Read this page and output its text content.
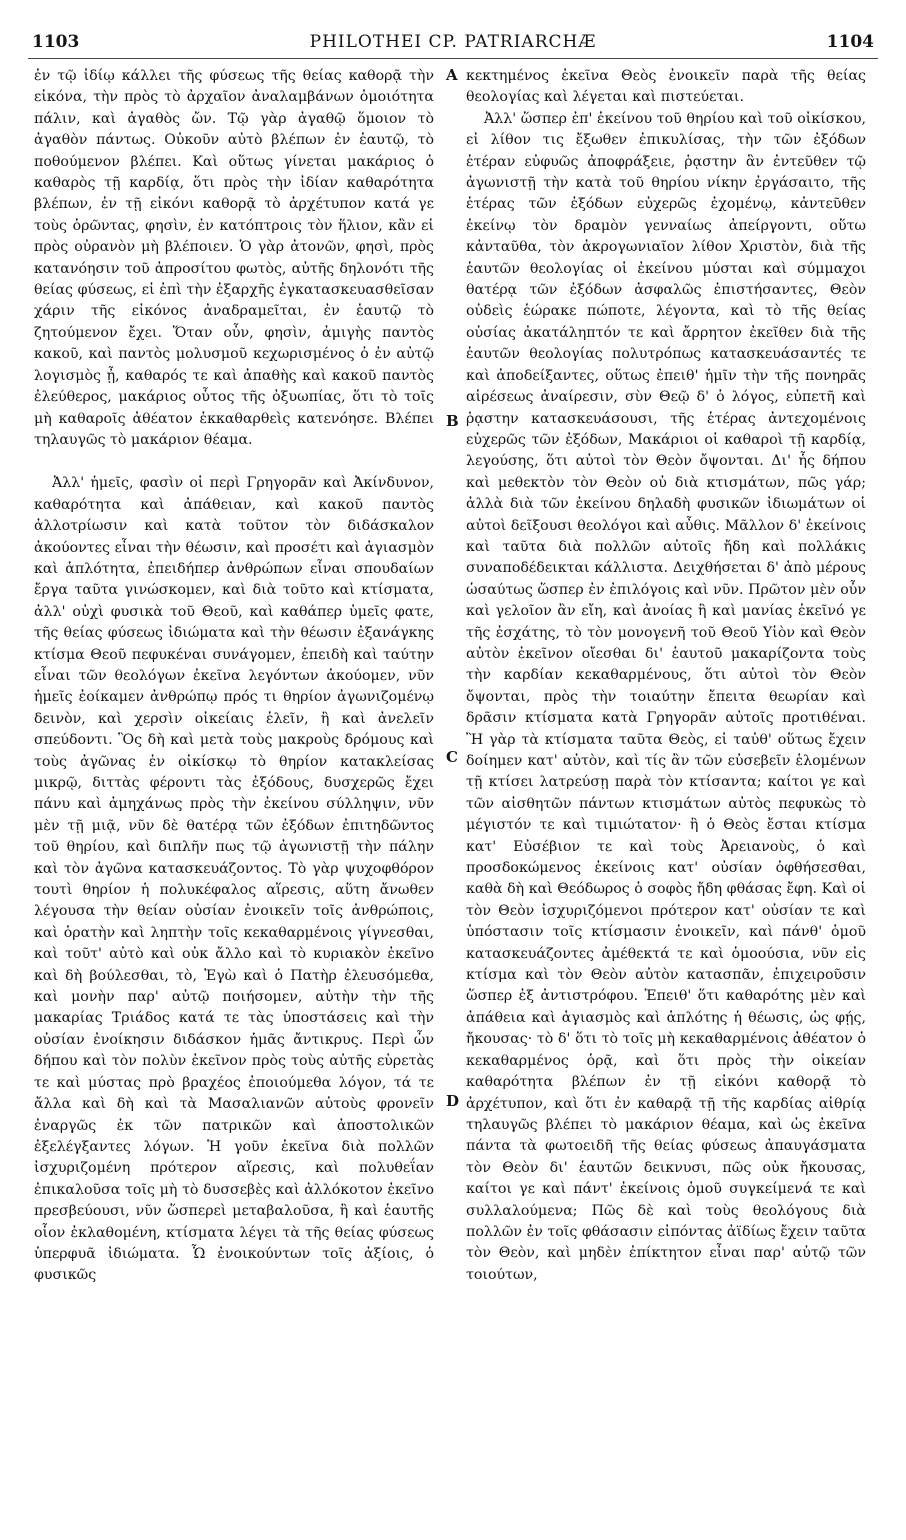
1103	PHILOTHEI CP. PATRIARCHÆ	1104

ἐν τῷ ἰδίῳ κάλλει τῆς φύσεως τῆς θείας καθορᾷ τὴν εἰκόνα, τὴν πρὸς τὸ ἀρχαῖον ἀναλαμβάνων ὁμοιότητα πάλιν, καὶ ἀγαθὸς ὤν. Τῷ γὰρ ἀγαθῷ ὅμοιον τὸ ἀγαθὸν πάντως. Οὐκοῦν αὐτὸ βλέπων ἐν ἑαυτῷ, τὸ ποθούμενον βλέπει. Καὶ οὕτως γίνεται μακάριος ὁ καθαρὸς τῇ καρδίᾳ, ὅτι πρὸς τὴν ἰδίαν καθαρότητα βλέπων, ἐν τῇ εἰκόνι καθορᾷ τὸ ἀρχέτυπον κατά γε τοὺς ὁρῶντας, φησὶν, ἐν κατόπτροις τὸν ἥλιον, κἂν εἰ πρὸς οὐρανὸν μὴ βλέποιεν. Ὁ γὰρ ἀτονῶν, φησὶ, πρὸς κατανόησιν τοῦ ἀπροσίτου φωτὸς, αὐτῆς δηλονότι τῆς θείας φύσεως, εἰ ἐπὶ τὴν ἐξαρχῆς ἐγκατασκευασθεῖσαν χάριν τῆς εἰκόνος ἀναδραμεῖται, ἐν ἑαυτῷ τὸ ζητούμενον ἔχει. Ὅταν οὖν, φησὶν, ἀμιγὴς παντὸς κακοῦ, καὶ παντὸς μολυσμοῦ κεχωρισμένος ὁ ἐν αὐτῷ λογισμὸς ᾖ, καθαρός τε καὶ ἀπαθὴς καὶ κακοῦ παντὸς ἐλεύθερος, μακάριος οὗτος τῆς ὀξυωπίας, ὅτι τὸ τοῖς μὴ καθαροῖς ἀθέατον ἐκκαθαρθεὶς κατενόησε. Βλέπει τηλαυγῶς τὸ μακάριον θέαμα.

Ἀλλ' ἡμεῖς, φασὶν οἱ περὶ Γρηγορᾶν καὶ Ἀκίνδυνον, καθαρότητα καὶ ἀπάθειαν, καὶ κακοῦ παντὸς ἀλλοτρίωσιν καὶ κατὰ τοῦτον τὸν διδάσκαλον ἀκούοντες εἶναι τὴν θέωσιν, καὶ προσέτι καὶ ἁγιασμὸν καὶ ἁπλότητα, ἐπειδήπερ ἀνθρώπων εἶναι σπουδαίων ἔργα ταῦτα γινώσκομεν, καὶ διὰ τοῦτο καὶ κτίσματα, ἀλλ' οὐχὶ φυσικὰ τοῦ Θεοῦ, καὶ καθάπερ ὑμεῖς φατε, τῆς θείας φύσεως ἰδιώματα καὶ τὴν θέωσιν ἐξανάγκης κτίσμα Θεοῦ πεφυκέναι συνάγομεν, ἐπειδὴ καὶ ταύτην εἶναι τῶν θεολόγων ἐκεῖνα λεγόντων ἀκούομεν, νῦν ἡμεῖς ἐοίκαμεν ἀνθρώπῳ πρός τι θηρίον ἀγωνιζομένῳ δεινὸν, καὶ χερσὶν οἰκείαις ἑλεῖν, ἢ καὶ ἀνελεῖν σπεύδοντι. Ὃς δὴ καὶ μετὰ τοὺς μακροὺς δρόμους καὶ τοὺς ἀγῶνας ἐν οἰκίσκῳ τὸ θηρίον κατακλείσας μικρῷ, διττὰς φέροντι τὰς ἐξόδους, δυσχερῶς ἔχει πάνυ καὶ ἀμηχάνως πρὸς τὴν ἐκείνου σύλληψιν, νῦν μὲν τῇ μιᾷ, νῦν δὲ θατέρᾳ τῶν ἐξόδων ἐπιτηδῶντος τοῦ θηρίου, καὶ διπλῆν πως τῷ ἀγωνιστῇ τὴν πάλην καὶ τὸν ἀγῶνα κατασκευάζοντος. Τὸ γὰρ ψυχοφθόρον τουτὶ θηρίον ἡ πολυκέφαλος αἵρεσις, αὕτη ἄνωθεν λέγουσα τὴν θείαν οὐσίαν ἐνοικεῖν τοῖς ἀνθρώποις, καὶ ὁρατὴν καὶ ληπτὴν τοῖς κεκαθαρμένοις γίγνεσθαι, καὶ τοῦτ' αὐτὸ καὶ οὐκ ἄλλο καὶ τὸ κυριακὸν ἐκεῖνο καὶ δὴ βούλεσθαι, τὸ, Ἐγὼ καὶ ὁ Πατὴρ ἐλευσόμεθα, καὶ μονὴν παρ' αὐτῷ ποιήσομεν, αὐτὴν τὴν τῆς μακαρίας Τριάδος κατά τε τὰς ὑποστάσεις καὶ τὴν οὐσίαν ἐνοίκησιν διδάσκον ἡμᾶς ἄντικρυς. Περὶ ὧν δήπου καὶ τὸν πολὺν ἐκεῖνον πρὸς τοὺς αὐτῆς εὑρετὰς τε καὶ μύστας πρὸ βραχέος ἐποιούμεθα λόγον, τά τε ἄλλα καὶ δὴ καὶ τὰ Μασαλιανῶν αὐτοὺς φρονεῖν ἐναργῶς ἐκ τῶν πατρικῶν καὶ ἀποστολικῶν ἐξελέγξαντες λόγων. Ἡ γοῦν ἐκεῖνα διὰ πολλῶν ἰσχυριζομένη πρότερον αἵρεσις, καὶ πολυθεΐαν ἐπικαλοῦσα τοῖς μὴ τὸ δυσσεβὲς καὶ ἀλλόκοτον ἐκεῖνο πρεσβεύουσι, νῦν ὥσπερεὶ μεταβαλοῦσα, ἢ καὶ ἑαυτῆς οἷον ἐκλαθομένη, κτίσματα λέγει τὰ τῆς θείας φύσεως ὑπερφυᾶ ἰδιώματα. Ὧ ἐνοικούντων τοῖς ἀξίοις, ὁ φυσικῶς

κεκτημένος ἐκεῖνα Θεὸς ἐνοικεῖν παρὰ τῆς θείας θεολογίας καὶ λέγεται καὶ πιστεύεται.

Ἀλλ' ὥσπερ ἐπ' ἐκείνου τοῦ θηρίου καὶ τοῦ οἰκίσκου, εἰ λίθον τις ἔξωθεν ἐπικυλίσας, τὴν τῶν ἐξόδων ἑτέραν εὐφυῶς ἀποφράξειε, ῥᾳστην ἂν ἐντεῦθεν τῷ ἀγωνιστῇ τὴν κατὰ τοῦ θηρίου νίκην ἐργάσαιτο, τῆς ἑτέρας τῶν ἐξόδων εὐχερῶς ἐχομένῳ, κἀντεῦθεν ἐκείνῳ τὸν δραμὸν γενναίως ἀπείργοντι, οὕτω κἀνταῦθα, τὸν ἀκρογωνιαῖον λίθον Χριστὸν, διὰ τῆς ἑαυτῶν θεολογίας οἱ ἐκείνου μύσται καὶ σύμμαχοι θατέρᾳ τῶν ἐξόδων ἀσφαλῶς ἐπιστήσαντες, Θεὸν οὐδεὶς ἑώρακε πώποτε, λέγοντα, καὶ τὸ τῆς θείας οὐσίας ἀκατάληπτόν τε καὶ ἄρρητον ἐκεῖθεν διὰ τῆς ἑαυτῶν θεολογίας πολυτρόπως κατασκευάσαντές τε καὶ ἀποδείξαντες, οὕτως ἐπειθ' ἡμῖν τὴν τῆς πονηρᾶς αἱρέσεως ἀναίρεσιν, σὺν Θεῷ δ' ὁ λόγος, εὐπετῆ καὶ ῥᾳστην κατασκευάσουσι, τῆς ἑτέρας ἀντεχομένοις εὐχερῶς τῶν ἐξόδων, Μακάριοι οἱ καθαροὶ τῇ καρδίᾳ, λεγούσης, ὅτι αὐτοὶ τὸν Θεὸν ὄψονται. Δι' ἧς δήπου καὶ μεθεκτὸν τὸν Θεὸν οὐ διὰ κτισμάτων, πῶς γάρ; ἀλλὰ διὰ τῶν ἐκείνου δηλαδὴ φυσικῶν ἰδιωμάτων οἱ αὐτοὶ δεῖξουσι θεολόγοι καὶ αὖθις. Μᾶλλον δ' ἐκείνοις καὶ ταῦτα διὰ πολλῶν αὐτοῖς ἤδη καὶ πολλάκις συναποδέδεικται κάλλιστα. Δειχθήσεται δ' ἀπὸ μέρους ὡσαύτως ὥσπερ ἐν ἐπιλόγοις καὶ νῦν. Πρῶτον μὲν οὖν καὶ γελοῖον ἂν εἴη, καὶ ἀνοίας ἢ καὶ μανίας ἐκεῖνό γε τῆς ἐσχάτης, τὸ τὸν μονογενῆ τοῦ Θεοῦ Υἱὸν καὶ Θεὸν αὐτὸν ἐκεῖνον οἴεσθαι δι' ἑαυτοῦ μακαρίζοντα τοὺς τὴν καρδίαν κεκαθαρμένους, ὅτι αὐτοὶ τὸν Θεὸν ὄψονται, πρὸς τὴν τοιαύτην ἔπειτα θεωρίαν καὶ δρᾶσιν κτίσματα κατὰ Γρηγορᾶν αὐτοῖς προτιθέναι. Ἢ γὰρ τὰ κτίσματα ταῦτα Θεὸς, εἰ ταὐθ' οὕτως ἔχειν δοίημεν κατ' αὐτὸν, καὶ τίς ἂν τῶν εὐσεβεῖν ἑλομένων τῇ κτίσει λατρεύσῃ παρὰ τὸν κτίσαντα; καίτοι γε καὶ τῶν αἰσθητῶν πάντων κτισμάτων αὐτὸς πεφυκὼς τὸ μέγιστόν τε καὶ τιμιώτατον· ἢ ὁ Θεὸς ἔσται κτίσμα κατ' Εὐσέβιον τε καὶ τοὺς Ἀρειανοὺς, ὁ καὶ προσδοκώμενος ἐκείνοις κατ' οὐσίαν ὀφθήσεσθαι, καθὰ δὴ καὶ Θεόδωρος ὁ σοφὸς ἤδη φθάσας ἔφη. Καὶ οἱ τὸν Θεὸν ἰσχυριζόμενοι πρότερον κατ' οὐσίαν τε καὶ ὑπόστασιν τοῖς κτίσμασιν ἐνοικεῖν, καὶ πάνθ' ὁμοῦ κατασκευάζοντες ἀμέθεκτά τε καὶ ὁμοούσια, νῦν εἰς κτίσμα καὶ τὸν Θεὸν αὐτὸν κατασπᾶν, ἐπιχειροῦσιν ὥσπερ ἐξ ἀντιστρόφου. Ἐπειθ' ὅτι καθαρότης μὲν καὶ ἀπάθεια καὶ ἁγιασμὸς καὶ ἁπλότης ἡ θέωσις, ὡς φῄς, ἤκουσας· τὸ δ' ὅτι τὸ τοῖς μὴ κεκαθαρμένοις ἀθέατον ὁ κεκαθαρμένος ὁρᾷ, καὶ ὅτι πρὸς τὴν οἰκείαν καθαρότητα βλέπων ἐν τῇ εἰκόνι καθορᾷ τὸ ἀρχέτυπον, καὶ ὅτι ἐν καθαρᾷ τῇ τῆς καρδίας αἰθρίᾳ τηλαυγῶς βλέπει τὸ μακάριον θέαμα, καὶ ὡς ἐκεῖνα πάντα τὰ φωτοειδῆ τῆς θείας φύσεως ἀπαυγάσματα τὸν Θεὸν δι' ἑαυτῶν δεικνυσι, πῶς οὐκ ἤκουσας, καίτοι γε καὶ πάντ' ἐκείνοις ὁμοῦ συγκείμενά τε καὶ συλλαλούμενα; Πῶς δὲ καὶ τοὺς θεολόγους διὰ πολλῶν ἐν τοῖς φθάσασιν εἰπόντας ἀϊδίως ἔχειν ταῦτα τὸν Θεὸν, καὶ μηδὲν ἐπίκτητον εἶναι παρ' αὐτῷ τῶν τοιούτων,

A
B
C
D
